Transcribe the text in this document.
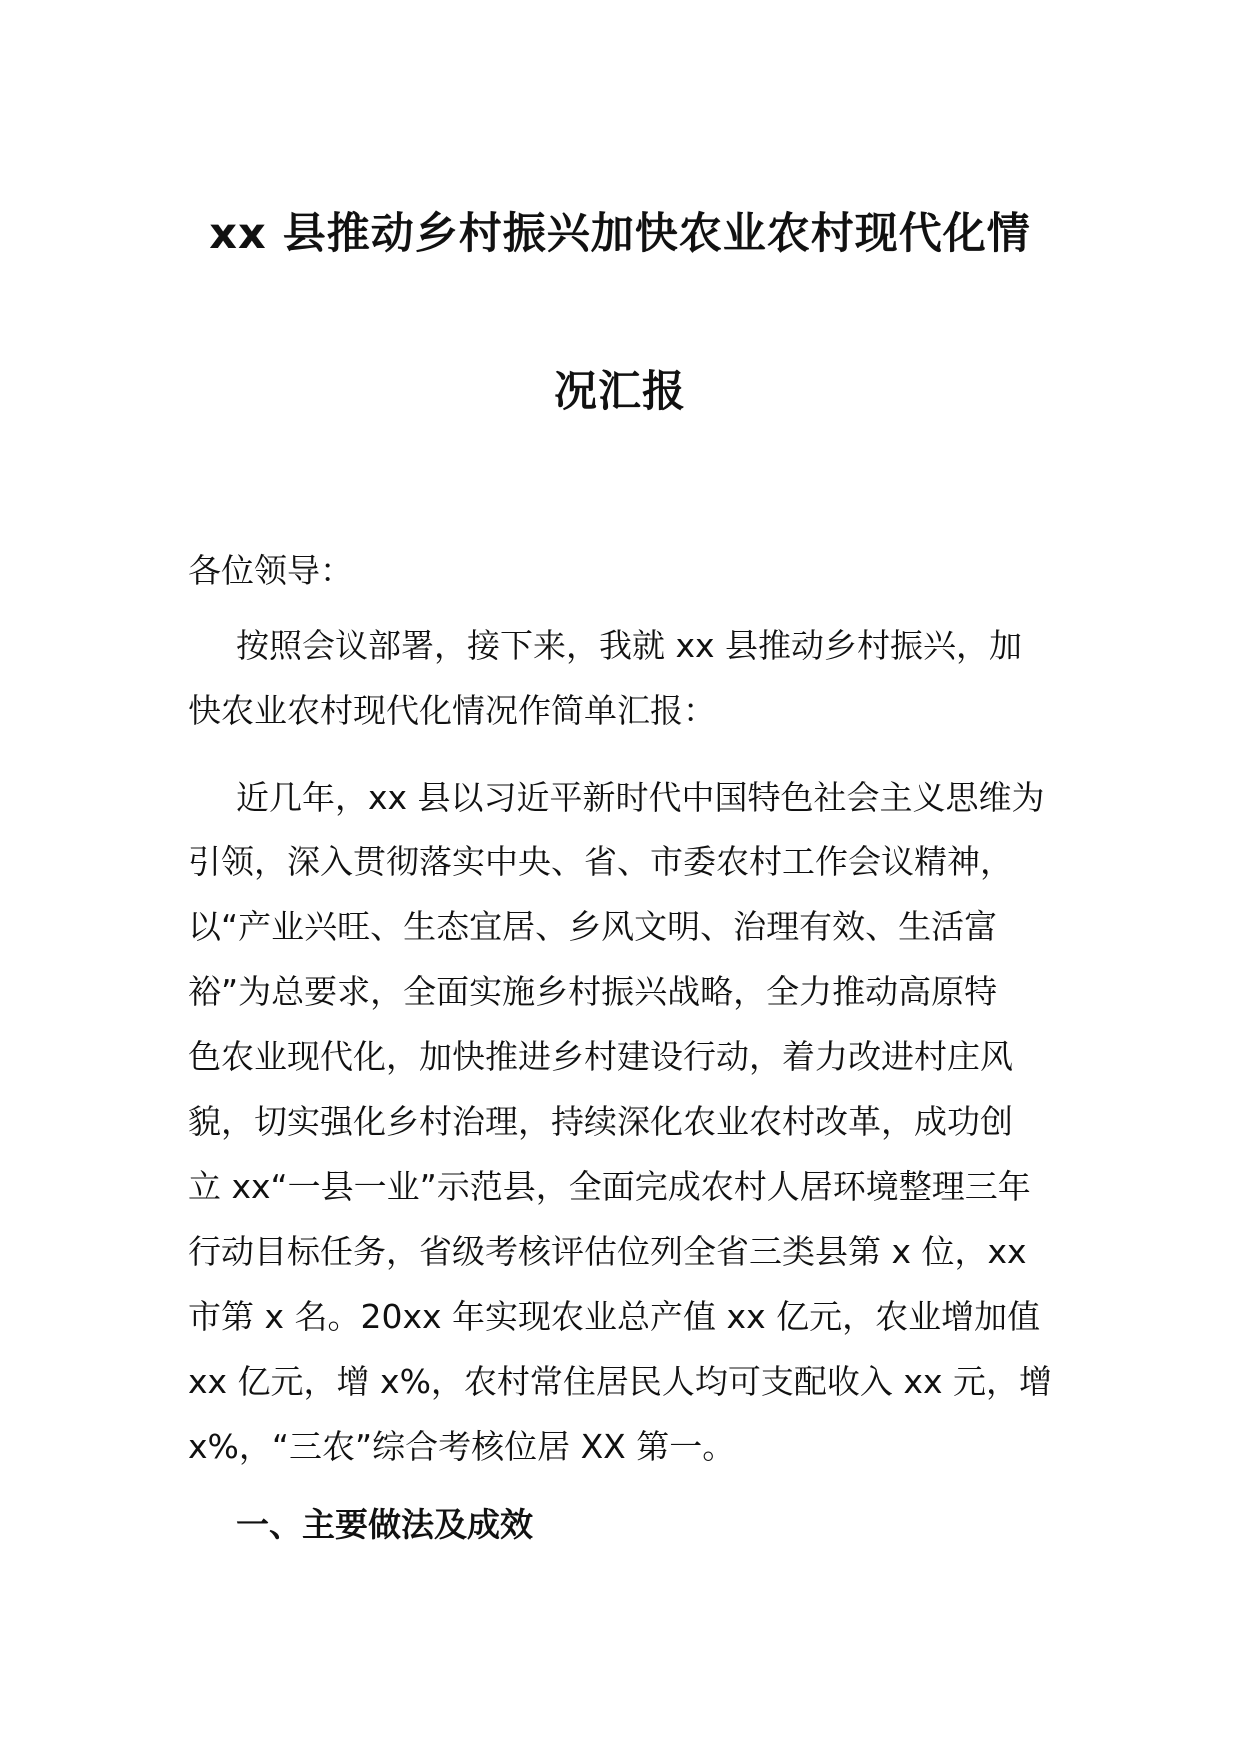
xx 县推动乡村振兴加快农业农村现代化情
况汇报
各位领导：
按照会议部署，接下来，我就 xx 县推动乡村振兴，加
快农业农村现代化情况作简单汇报：
近几年，xx 县以习近平新时代中国特色社会主义思维为
引领，深入贯彻落实中央、省、市委农村工作会议精神，
以“产业兴旺、生态宜居、乡风文明、治理有效、生活富
裕”为总要求，全面实施乡村振兴战略，全力推动高原特
色农业现代化，加快推进乡村建设行动，着力改进村庄风
貌，切实强化乡村治理，持续深化农业农村改革，成功创
立 xx“一县一业”示范县，全面完成农村人居环境整理三年
行动目标任务，省级考核评估位列全省三类县第 x 位，xx
市第 x 名。20xx 年实现农业总产值 xx 亿元，农业增加值
xx 亿元，增 x%，农村常住居民人均可支配收入 xx 元，增
x%，“三农”综合考核位居 XX 第一。
一、主要做法及成效
